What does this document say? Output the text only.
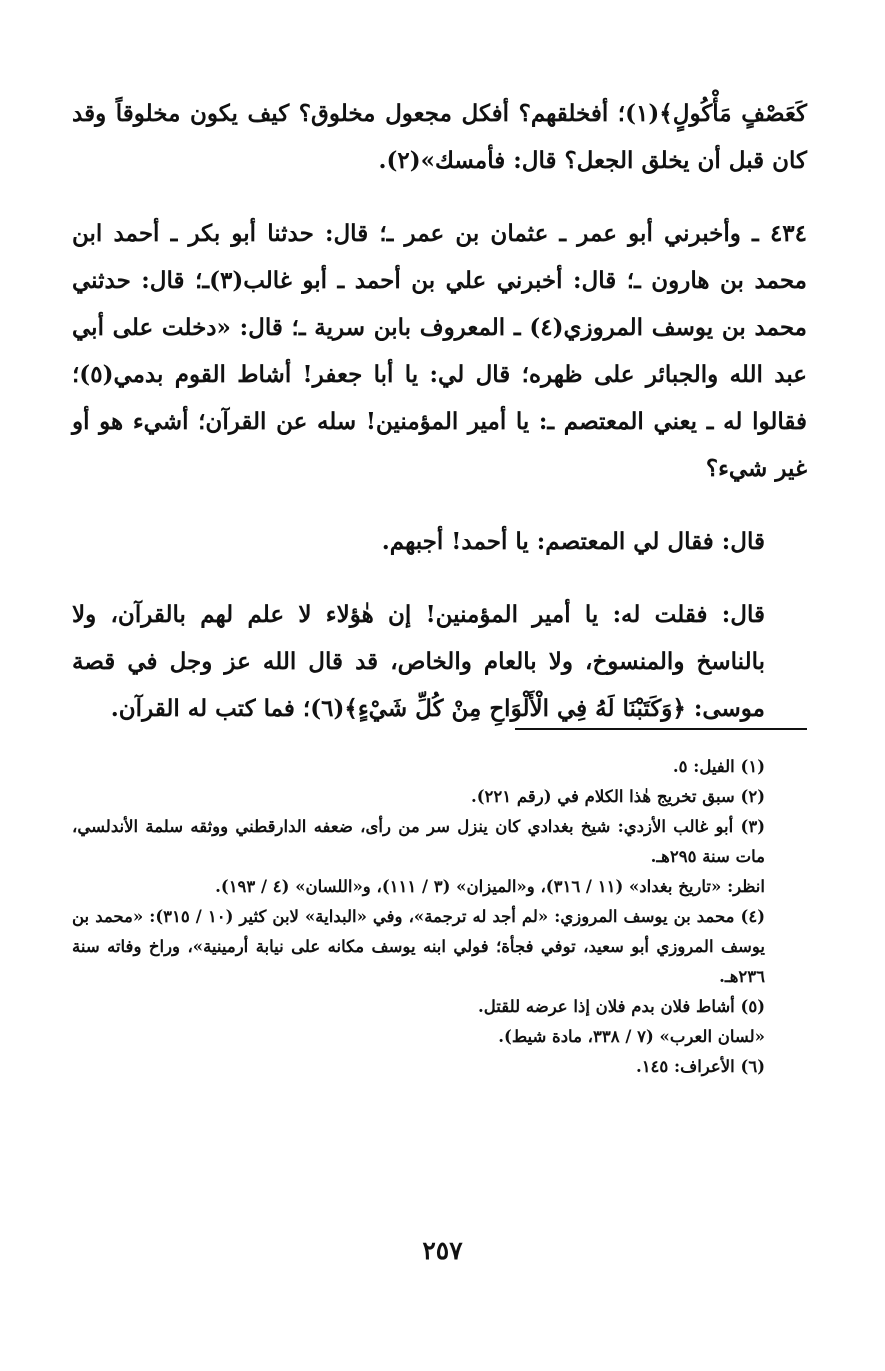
كَعَصْفٍ مَأْكُولٍ﴾(١)؛ أفخلقهم؟ أفكل مجعول مخلوق؟ كيف يكون مخلوقاً وقد كان قبل أن يخلق الجعل؟ قال: فأمسك»(٢).

٤٣٤ ـ وأخبرني أبو عمر ـ عثمان بن عمر ـ؛ قال: حدثنا أبو بكر ـ أحمد ابن محمد بن هارون ـ؛ قال: أخبرني علي بن أحمد ـ أبو غالب(٣)ـ؛ قال: حدثني محمد بن يوسف المروزي(٤) ـ المعروف بابن سرية ـ؛ قال: «دخلت على أبي عبد الله والجبائر على ظهره؛ قال لي: يا أبا جعفر! أشاط القوم بدمي(٥)؛ فقالوا له ـ يعني المعتصم ـ: يا أمير المؤمنين! سله عن القرآن؛ أشيء هو أو غير شيء؟

قال: فقال لي المعتصم: يا أحمد! أجبهم.

قال: فقلت له: يا أمير المؤمنين! إن هٰؤلاء لا علم لهم بالقرآن، ولا بالناسخ والمنسوخ، ولا بالعام والخاص، قد قال الله عز وجل في قصة موسى: ﴿وَكَتَبْنَا لَهُ فِي الْأَلْوَاحِ مِنْ كُلِّ شَيْءٍ﴾(٦)؛ فما كتب له القرآن.

(١) الفيل: ٥.

(٢) سبق تخريج هٰذا الكلام في (رقم ٢٢١).

(٣) أبو غالب الأزدي: شيخ بغدادي كان ينزل سر من رأى، ضعفه الدارقطني ووثقه سلمة الأندلسي، مات سنة ٢٩٥هـ.

انظر: «تاريخ بغداد» (١١ / ٣١٦)، و«الميزان» (٣ / ١١١)، و«اللسان» (٤ / ١٩٣).

(٤) محمد بن يوسف المروزي: «لم أجد له ترجمة»، وفي «البداية» لابن كثير (١٠ / ٣١٥): «محمد بن يوسف المروزي أبو سعيد، توفي فجأة؛ فولي ابنه يوسف مكانه على نيابة أرمينية»، وراخ وفاته سنة ٢٣٦هـ.

(٥) أشاط فلان بدم فلان إذا عرضه للقتل.

«لسان العرب» (٧ / ٣٣٨، مادة شيط).

(٦) الأعراف: ١٤٥.

٢٥٧
